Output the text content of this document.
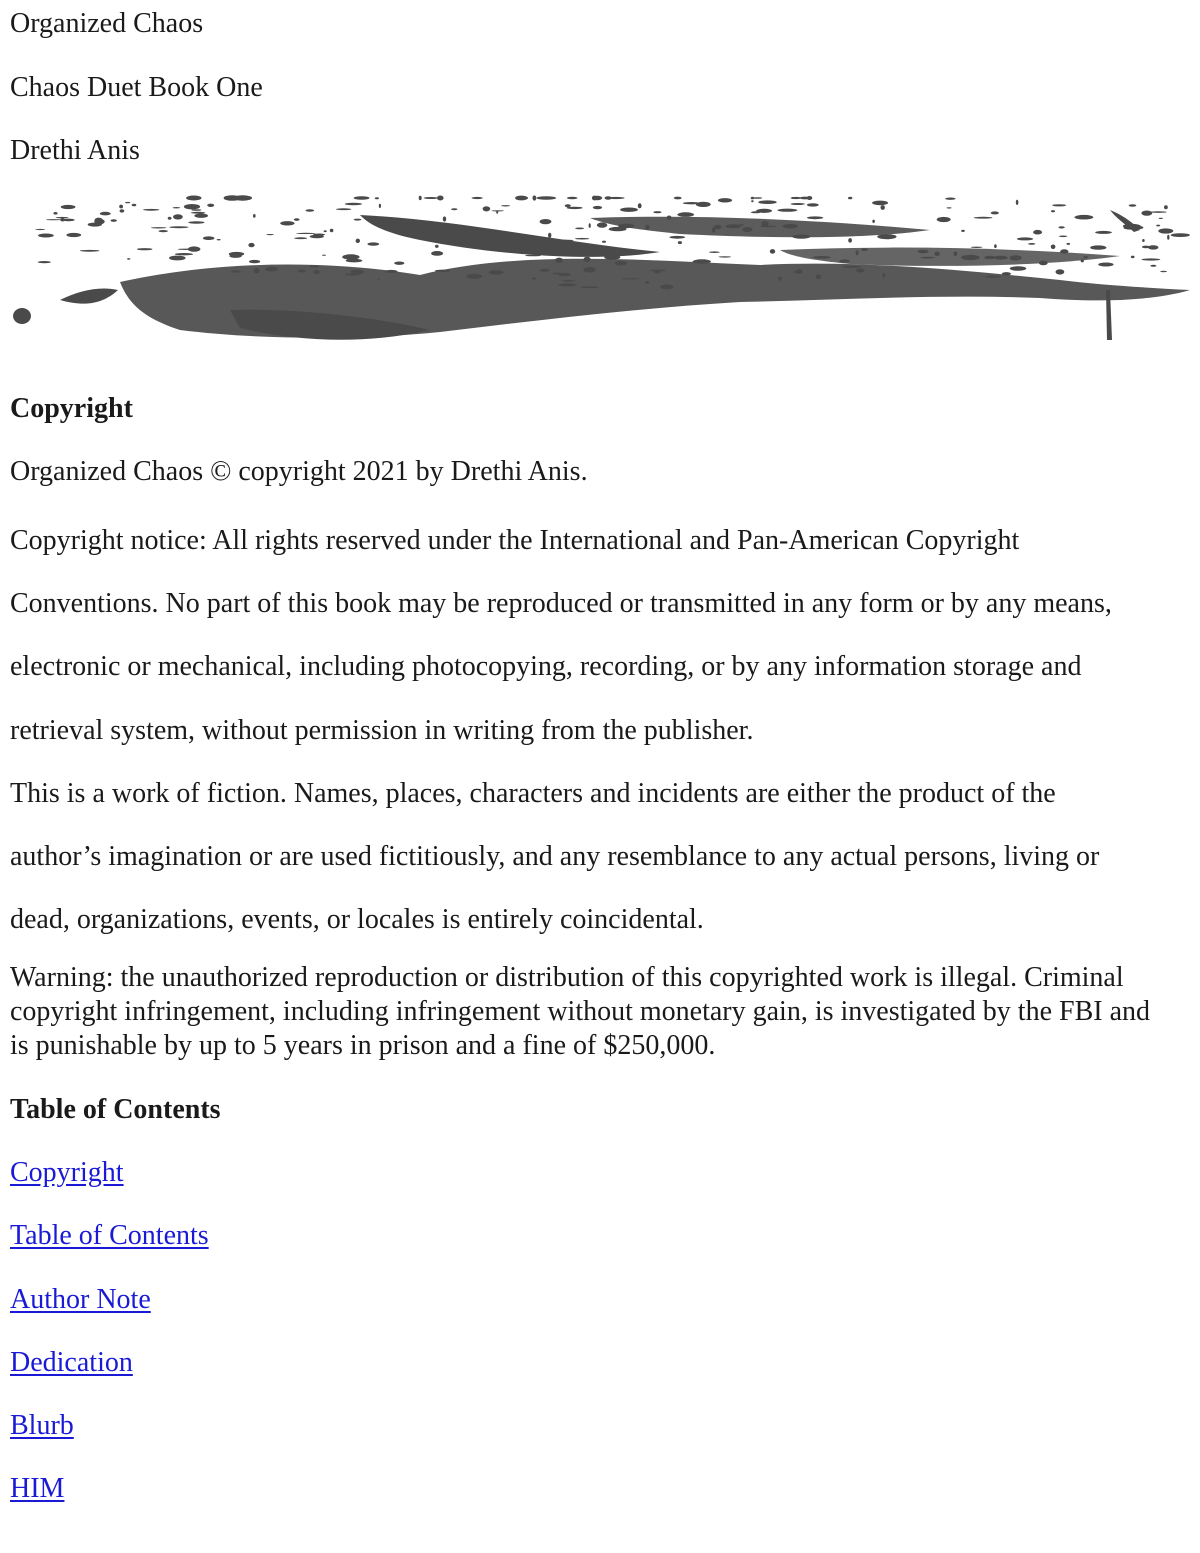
Organized Chaos

Chaos Duet Book One

Drethi Anis

Copyright

Organized Chaos © copyright 2021 by Drethi Anis.

Copyright notice: All rights reserved under the International and Pan-American Copyright
Conventions. No part of this book may be reproduced or transmitted in any form or by any means,
electronic or mechanical, including photocopying, recording, or by any information storage and
retrieval system, without permission in writing from the publisher.
This is a work of fiction. Names, places, characters and incidents are either the product of the
author’s imagination or are used fictitiously, and any resemblance to any actual persons, living or
dead, organizations, events, or locales is entirely coincidental.
Warning: the unauthorized reproduction or distribution of this copyrighted work is illegal. Criminal
copyright infringement, including infringement without monetary gain, is investigated by the FBI and
is punishable by up to 5 years in prison and a fine of $250,000.

Table of Contents

Copyright
Table of Contents
Author Note
Dedication
Blurb
HIM
